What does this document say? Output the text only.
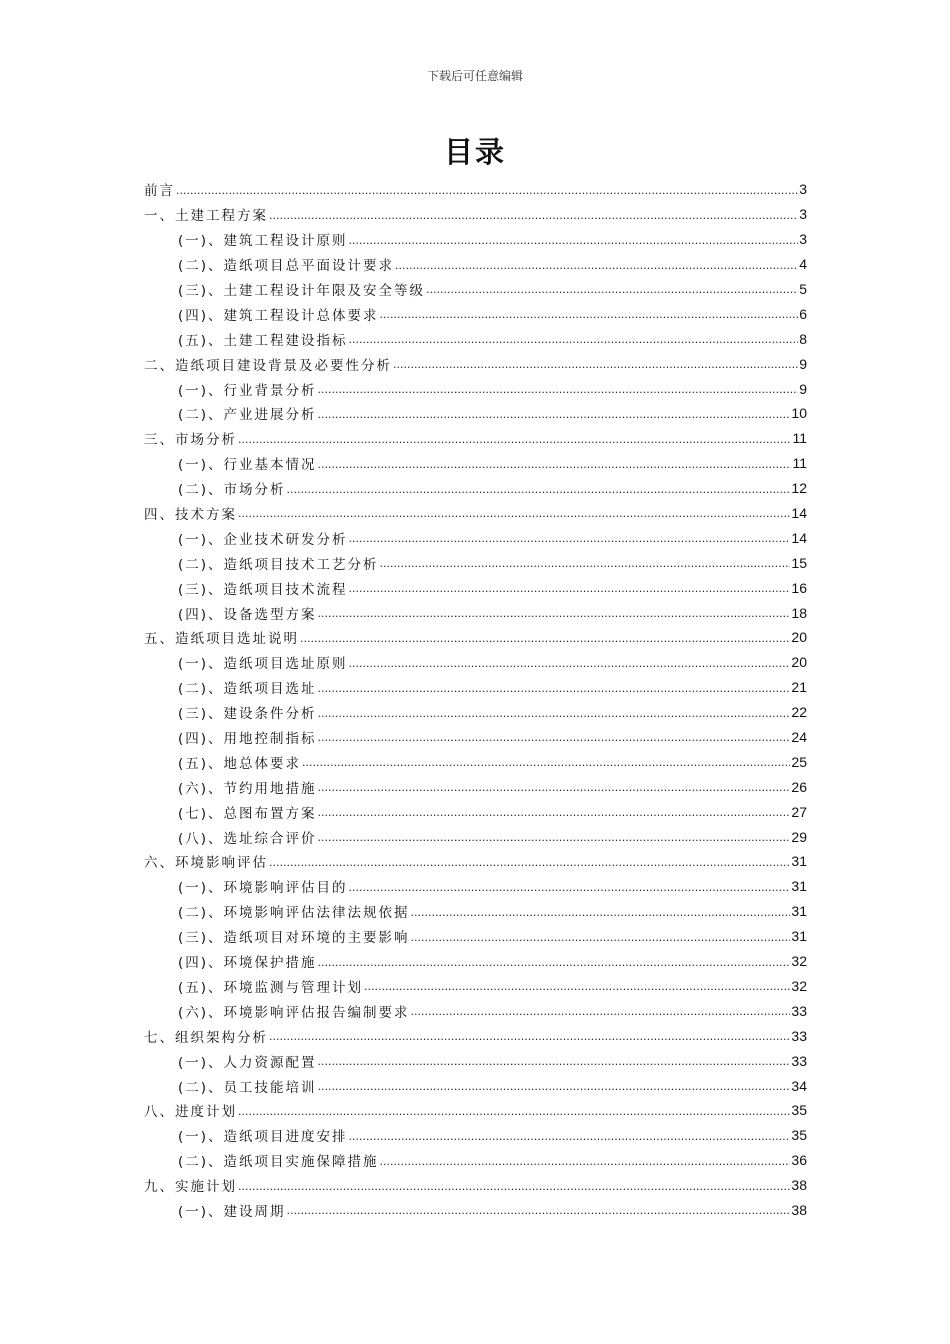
下载后可任意编辑
目录
前言 .....	3
一、土建工程方案 .....	3
(一)、建筑工程设计原则 .....	3
(二)、造纸项目总平面设计要求 .....	4
(三)、土建工程设计年限及安全等级 .....	5
(四)、建筑工程设计总体要求 .....	6
(五)、土建工程建设指标 .....	8
二、造纸项目建设背景及必要性分析 .....	9
(一)、行业背景分析 .....	9
(二)、产业进展分析 .....	10
三、市场分析 .....	11
(一)、行业基本情况 .....	11
(二)、市场分析 .....	12
四、技术方案 .....	14
(一)、企业技术研发分析 .....	14
(二)、造纸项目技术工艺分析 .....	15
(三)、造纸项目技术流程 .....	16
(四)、设备选型方案 .....	18
五、造纸项目选址说明 .....	20
(一)、造纸项目选址原则 .....	20
(二)、造纸项目选址 .....	21
(三)、建设条件分析 .....	22
(四)、用地控制指标 .....	24
(五)、地总体要求 .....	25
(六)、节约用地措施 .....	26
(七)、总图布置方案 .....	27
(八)、选址综合评价 .....	29
六、环境影响评估 .....	31
(一)、环境影响评估目的 .....	31
(二)、环境影响评估法律法规依据 .....	31
(三)、造纸项目对环境的主要影响 .....	31
(四)、环境保护措施 .....	32
(五)、环境监测与管理计划 .....	32
(六)、环境影响评估报告编制要求 .....	33
七、组织架构分析 .....	33
(一)、人力资源配置 .....	33
(二)、员工技能培训 .....	34
八、进度计划 .....	35
(一)、造纸项目进度安排 .....	35
(二)、造纸项目实施保障措施 .....	36
九、实施计划 .....	38
(一)、建设周期 .....	38
